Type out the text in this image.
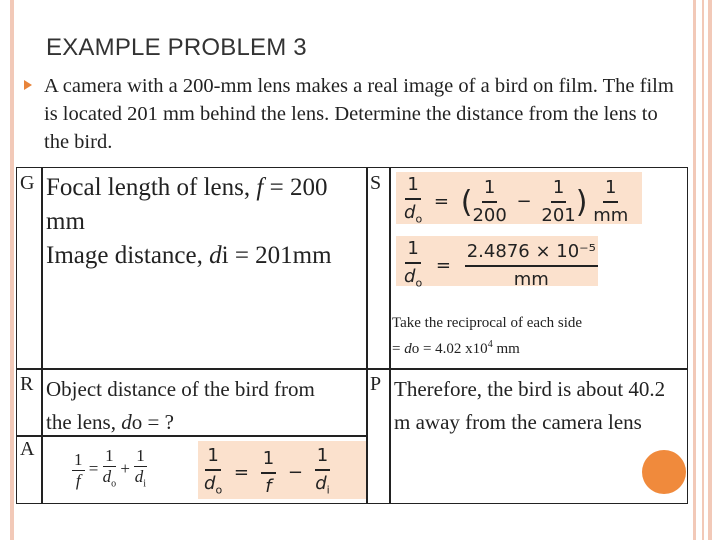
EXAMPLE PROBLEM 3
A camera with a 200-mm lens makes a real image of a bird on film. The film is located 201 mm behind the lens. Determine the distance from the lens to the bird.
G Focal length of lens, f = 200 mm
Image distance, di = 201mm
S $\frac{1}{d_o}$ = ( $\frac{1}{200} - \frac{1}{201}$ ) $\frac{1}{mm}$
$\frac{1}{d_o} = \frac{\text{2.4876 × 10⁻⁵}}{mm}$
Take the reciprocal of each side
= do = 4.02 $x10^4$ mm
R Object distance of the bird from
the lens, do = ?
P Therefore, the bird is about 40.2 m away from the camera lens
A
$\frac{1}{f} = \frac{1}{d_o} + \frac{1}{d_i}$	$\frac{1}{d_o} = \frac{1}{f} - \frac{1}{d_i}$
